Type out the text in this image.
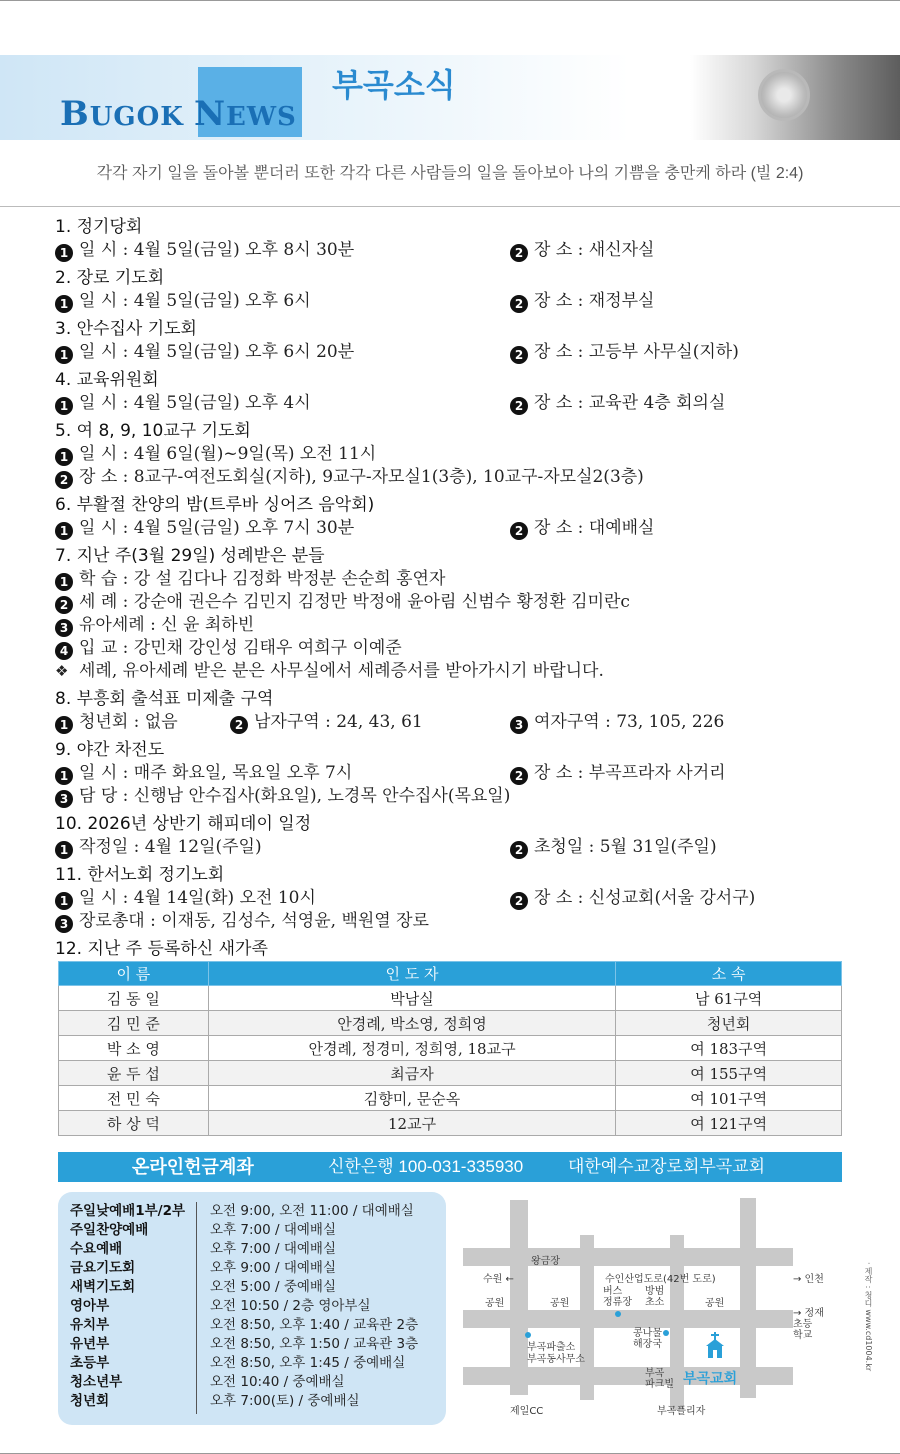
BUGOK NEWS
부곡소식
각각 자기 일을 돌아볼 뿐더러 또한 각각 다른 사람들의 일을 돌아보아 나의 기쁨을 충만케 하라 (빌 2:4)
1. 정기당회
1 일 시 : 4월 5일(금일) 오후 8시 30분	2 장 소 : 새신자실
2. 장로 기도회
1 일 시 : 4월 5일(금일) 오후 6시	2 장 소 : 재정부실
3. 안수집사 기도회
1 일 시 : 4월 5일(금일) 오후 6시 20분	2 장 소 : 고등부 사무실(지하)
4. 교육위원회
1 일 시 : 4월 5일(금일) 오후 4시	2 장 소 : 교육관 4층 회의실
5. 여 8, 9, 10교구 기도회
1 일 시 : 4월 6일(월)~9일(목) 오전 11시
2 장 소 : 8교구-여전도회실(지하), 9교구-자모실1(3층), 10교구-자모실2(3층)
6. 부활절 찬양의 밤(트루바 싱어즈 음악회)
1 일 시 : 4월 5일(금일) 오후 7시 30분	2 장 소 : 대예배실
7. 지난 주(3월 29일) 성례받은 분들
1 학 습 : 강 설 김다나 김정화 박정분 손순희 홍연자
2 세 례 : 강순애 권은수 김민지 김정만 박정애 윤아림 신범수 황정환 김미란c
3 유아세례 : 신 윤 최하빈
4 입 교 : 강민채 강인성 김태우 여희구 이예준
❖ 세례, 유아세례 받은 분은 사무실에서 세례증서를 받아가시기 바랍니다.
8. 부흥회 출석표 미제출 구역
1 청년회 : 없음	2 남자구역 : 24, 43, 61	3 여자구역 : 73, 105, 226
9. 야간 차전도
1 일 시 : 매주 화요일, 목요일 오후 7시	2 장 소 : 부곡프라자 사거리
3 담 당 : 신행남 안수집사(화요일), 노경목 안수집사(목요일)
10. 2026년 상반기 해피데이 일정
1 작정일 : 4월 12일(주일)	2 초청일 : 5월 31일(주일)
11. 한서노회 정기노회
1 일 시 : 4월 14일(화) 오전 10시	2 장 소 : 신성교회(서울 강서구)
3 장로총대 : 이재동, 김성수, 석영윤, 백원열 장로
12. 지난 주 등록하신 새가족
이 름	인 도 자	소 속
김 동 일	박남실	남 61구역
김 민 준	안경례, 박소영, 정희영	청년회
박 소 영	안경례, 정경미, 정희영, 18교구	여 183구역
윤 두 섭	최금자	여 155구역
전 민 숙	김향미, 문순옥	여 101구역
하 상 덕	12교구	여 121구역
온라인헌금계좌	신한은행 100-031-335930	대한예수교장로회부곡교회
주일낮예배1부/2부 오전 9:00, 오전 11:00 / 대예배실
주일찬양예배	오후 7:00 / 대예배실
수요예배	오후 7:00 / 대예배실
금요기도회	오후 9:00 / 대예배실
새벽기도회	오전 5:00 / 중예배실
영아부	오전 10:50 / 2층 영아부실
유치부	오전 8:50, 오후 1:40 / 교육관 2층
유년부	오전 8:50, 오후 1:50 / 교육관 3층
초등부	오전 8:50, 오후 1:45 / 중예배실
청소년부	오전 10:40 / 중예배실
청년회	오후 7:00(토) / 중예배실
왕금장
수원 ←	수인산업도로(42번 도로)	→ 인천
공원	공원	공원
버스
정류장
방범
초소
→ 정재
초등
학교
부곡파출소
부곡동사무소
콩나물
해장국
부곡
파크빌 부곡교회
제일CC	부곡플리자
· 제작 : 청디 www.cd1004.kr
